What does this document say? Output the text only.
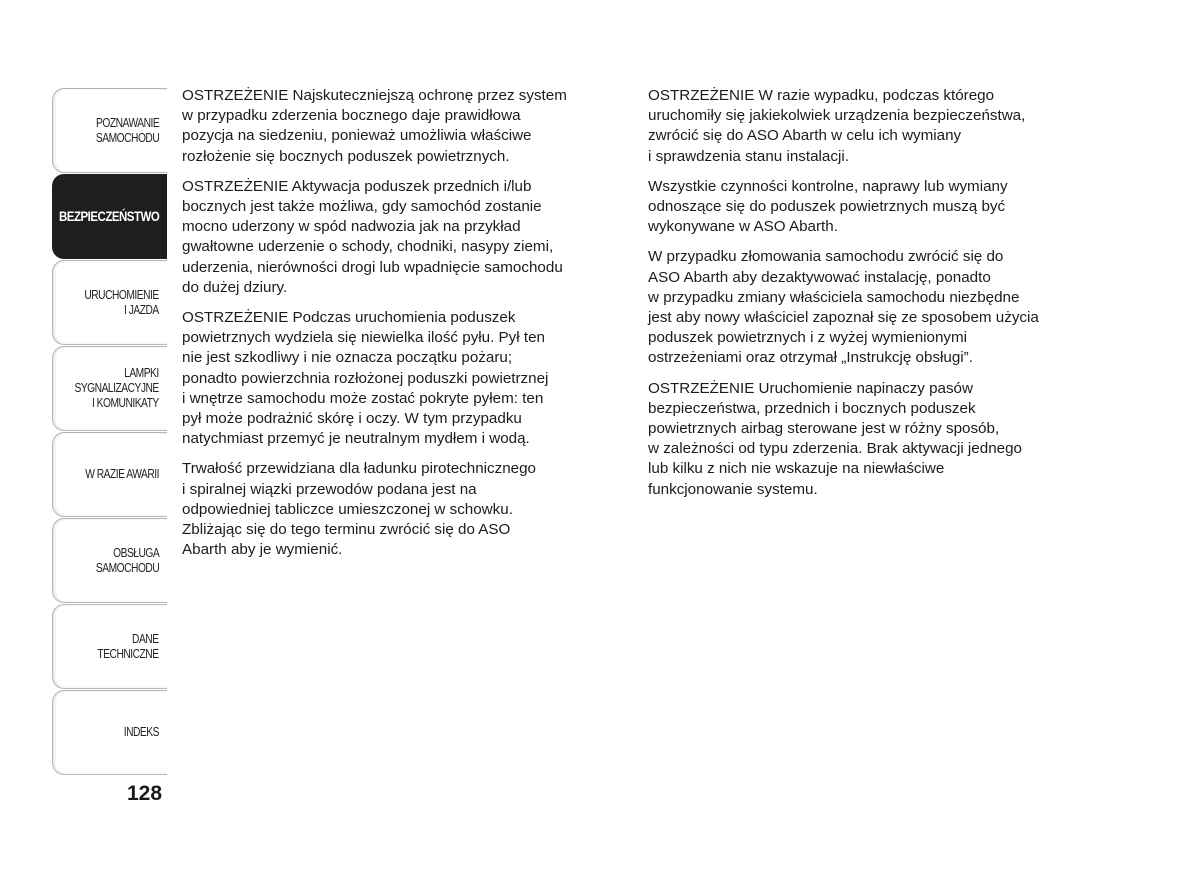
POZNAWANIE
SAMOCHODU
BEZPIECZEŃSTWO
URUCHOMIENIE
I JAZDA
LAMPKI
SYGNALIZACYJNE
I KOMUNIKATY
W RAZIE AWARII
OBSŁUGA
SAMOCHODU
DANE
TECHNICZNE
INDEKS
128

OSTRZEŻENIE Najskuteczniejszą ochronę przez system
w przypadku zderzenia bocznego daje prawidłowa
pozycja na siedzeniu, ponieważ umożliwia właściwe
rozłożenie się bocznych poduszek powietrznych.

OSTRZEŻENIE Aktywacja poduszek przednich i/lub
bocznych jest także możliwa, gdy samochód zostanie
mocno uderzony w spód nadwozia jak na przykład
gwałtowne uderzenie o schody, chodniki, nasypy ziemi,
uderzenia, nierówności drogi lub wpadnięcie samochodu
do dużej dziury.

OSTRZEŻENIE Podczas uruchomienia poduszek
powietrznych wydziela się niewielka ilość pyłu. Pył ten
nie jest szkodliwy i nie oznacza początku pożaru;
ponadto powierzchnia rozłożonej poduszki powietrznej
i wnętrze samochodu może zostać pokryte pyłem: ten
pył może podrażnić skórę i oczy. W tym przypadku
natychmiast przemyć je neutralnym mydłem i wodą.

Trwałość przewidziana dla ładunku pirotechnicznego
i spiralnej wiązki przewodów podana jest na
odpowiedniej tabliczce umieszczonej w schowku.
Zbliżając się do tego terminu zwrócić się do ASO
Abarth aby je wymienić.

OSTRZEŻENIE W razie wypadku, podczas którego
uruchomiły się jakiekolwiek urządzenia bezpieczeństwa,
zwrócić się do ASO Abarth w celu ich wymiany
i sprawdzenia stanu instalacji.

Wszystkie czynności kontrolne, naprawy lub wymiany
odnoszące się do poduszek powietrznych muszą być
wykonywane w ASO Abarth.

W przypadku złomowania samochodu zwrócić się do
ASO Abarth aby dezaktywować instalację, ponadto
w przypadku zmiany właściciela samochodu niezbędne
jest aby nowy właściciel zapoznał się ze sposobem użycia
poduszek powietrznych i z wyżej wymienionymi
ostrzeżeniami oraz otrzymał „Instrukcję obsługi”.

OSTRZEŻENIE Uruchomienie napinaczy pasów
bezpieczeństwa, przednich i bocznych poduszek
powietrznych airbag sterowane jest w różny sposób,
w zależności od typu zderzenia. Brak aktywacji jednego
lub kilku z nich nie wskazuje na niewłaściwe
funkcjonowanie systemu.
